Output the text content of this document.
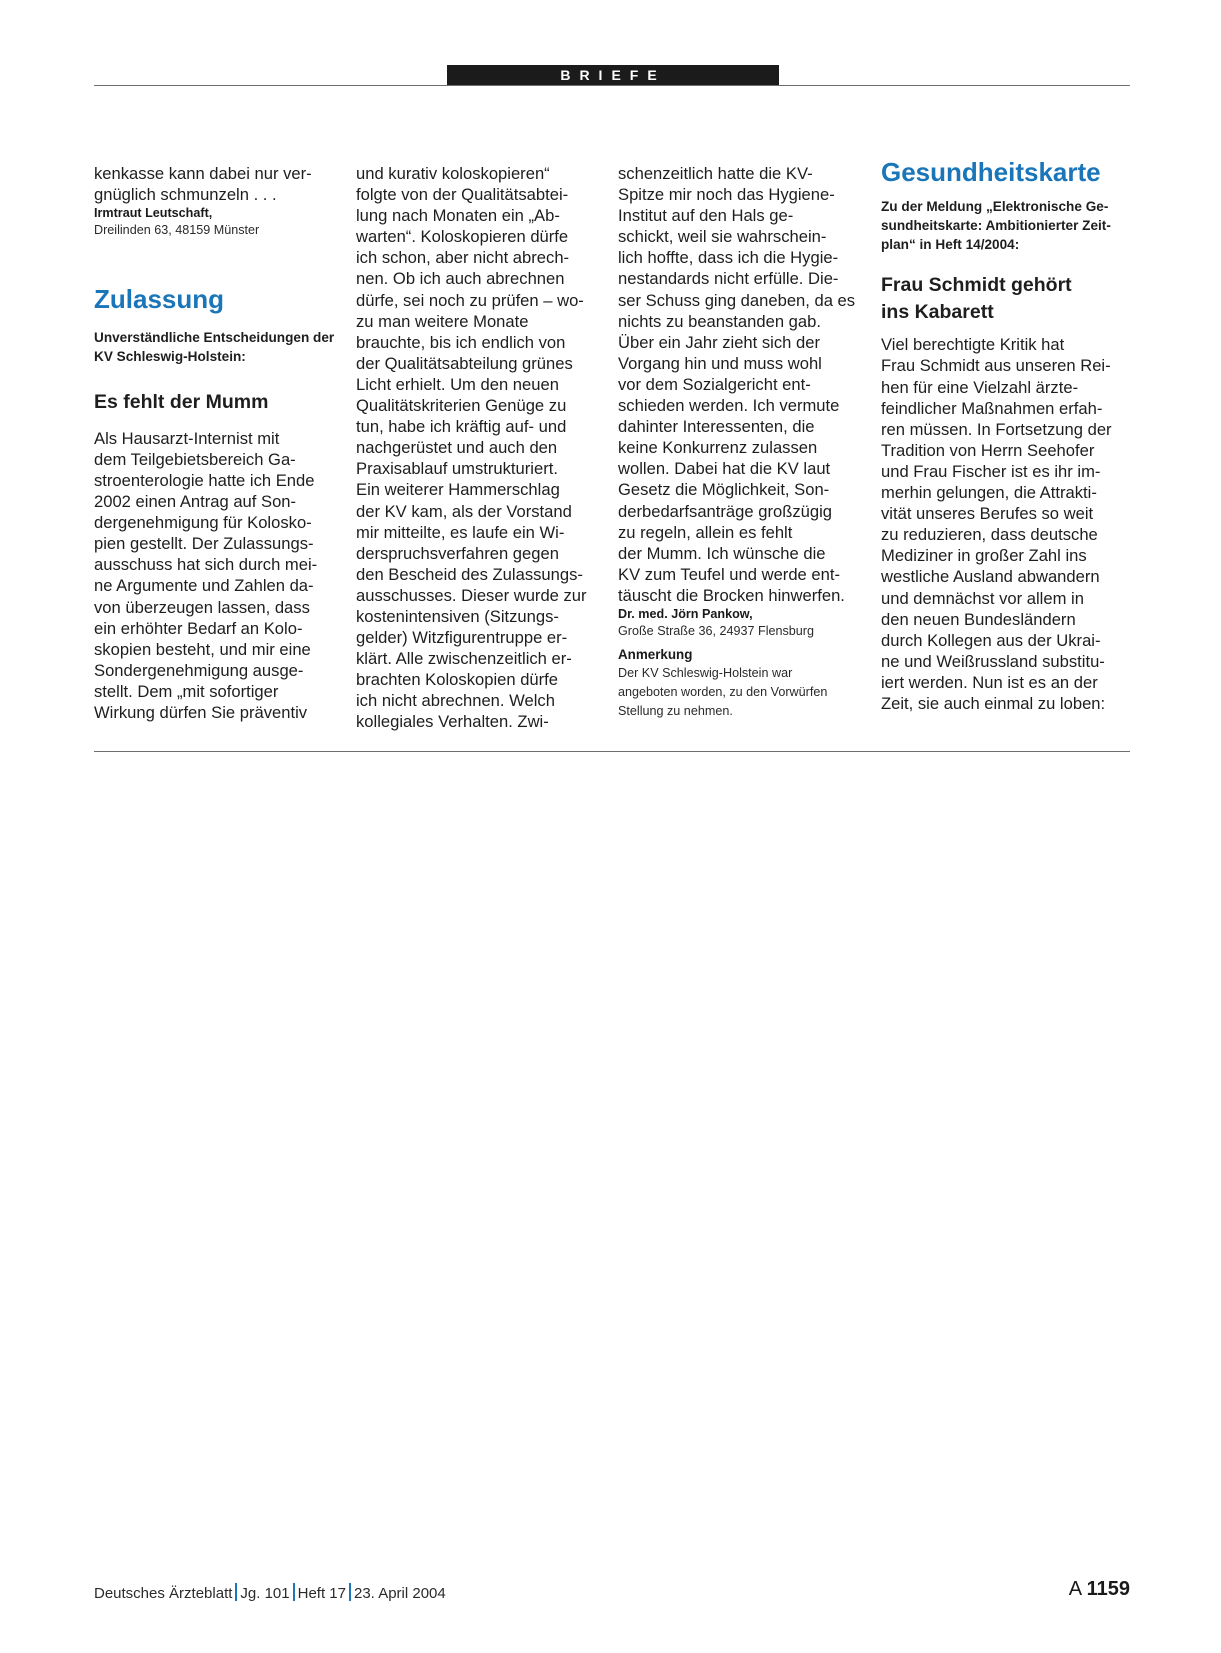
BRIEFE
kenkasse kann dabei nur ver-
gnüglich schmunzeln . . .

Irmtraut Leutschaft,

Dreilinden 63, 48159 Münster

Zulassung
Unverständliche Entscheidungen der
KV Schleswig-Holstein:
Es fehlt der Mumm
Als Hausarzt-Internist mit
dem Teilgebietsbereich Ga-
stroenterologie hatte ich Ende
2002 einen Antrag auf Son-
dergenehmigung für Kolosko-
pien gestellt. Der Zulassungs-
ausschuss hat sich durch mei-
ne Argumente und Zahlen da-
von überzeugen lassen, dass
ein erhöhter Bedarf an Kolo-
skopien besteht, und mir eine
Sondergenehmigung ausge-
stellt. Dem „mit sofortiger
Wirkung dürfen Sie präventiv
und kurativ koloskopieren“
folgte von der Qualitätsabtei-
lung nach Monaten ein „Ab-
warten“. Koloskopieren dürfe
ich schon, aber nicht abrech-
nen. Ob ich auch abrechnen
dürfe, sei noch zu prüfen – wo-
zu man weitere Monate
brauchte, bis ich endlich von
der Qualitätsabteilung grünes
Licht erhielt. Um den neuen
Qualitätskriterien Genüge zu
tun, habe ich kräftig auf- und
nachgerüstet und auch den
Praxisablauf umstrukturiert.
Ein weiterer Hammerschlag
der KV kam, als der Vorstand
mir mitteilte, es laufe ein Wi-
derspruchsverfahren gegen
den Bescheid des Zulassungs-
ausschusses. Dieser wurde zur
kostenintensiven (Sitzungs-
gelder) Witzfigurentruppe er-
klärt. Alle zwischenzeitlich er-
brachten Koloskopien dürfe
ich nicht abrechnen. Welch
kollegiales Verhalten. Zwi-
schenzeitlich hatte die KV-
Spitze mir noch das Hygiene-
Institut auf den Hals ge-
schickt, weil sie wahrschein-
lich hoffte, dass ich die Hygie-
nestandards nicht erfülle. Die-
ser Schuss ging daneben, da es
nichts zu beanstanden gab.
Über ein Jahr zieht sich der
Vorgang hin und muss wohl
vor dem Sozialgericht ent-
schieden werden. Ich vermute
dahinter Interessenten, die
keine Konkurrenz zulassen
wollen. Dabei hat die KV laut
Gesetz die Möglichkeit, Son-
derbedarfsanträge großzügig
zu regeln, allein es fehlt
der Mumm. Ich wünsche die
KV zum Teufel und werde ent-
täuscht die Brocken hinwerfen.

Dr. med. Jörn Pankow,

Große Straße 36, 24937 Flensburg

Anmerkung

Der KV Schleswig-Holstein war
angeboten worden, zu den Vorwürfen
Stellung zu nehmen.
Gesundheitskarte
Zu der Meldung „Elektronische Ge-
sundheitskarte: Ambitionierter Zeit-
plan“ in Heft 14/2004:
Frau Schmidt gehört
ins Kabarett
Viel berechtigte Kritik hat
Frau Schmidt aus unseren Rei-
hen für eine Vielzahl ärzte-
feindlicher Maßnahmen erfah-
ren müssen. In Fortsetzung der
Tradition von Herrn Seehofer
und Frau Fischer ist es ihr im-
merhin gelungen, die Attrakti-
vität unseres Berufes so weit
zu reduzieren, dass deutsche
Mediziner in großer Zahl ins
westliche Ausland abwandern
und demnächst vor allem in
den neuen Bundesländern
durch Kollegen aus der Ukrai-
ne und Weißrussland substitu-
iert werden. Nun ist es an der
Zeit, sie auch einmal zu loben:
Deutsches Ärzteblatt Jg. 101 Heft 17 23. April 2004	A 1159
